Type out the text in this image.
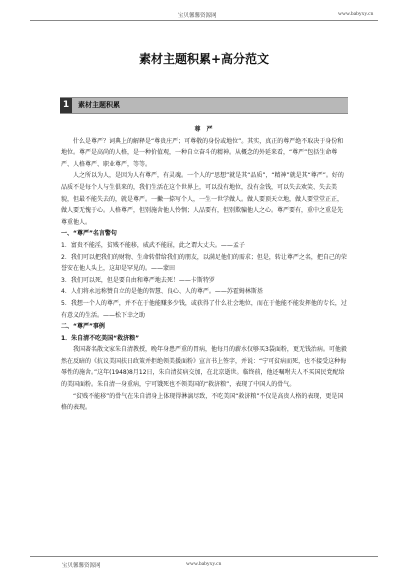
宝贝馨馨资源网	www.babyxy.cn
素材主题积累+高分范文
1	素材主题积累

尊 严

什么是尊严？词典上的解释是“尊贵庄严；可尊敬的身份或地位”。其实，真正的尊严绝不取决于身份和地位。尊严是高尚的人格，是一种价值观，一种自立奋斗的精神。从概念的外延来看，“尊严”包括生命尊严、人格尊严、职业尊严，等等。

人之所以为人，是因为人有尊严，有灵魂。一个人的“思想”就是其“品质”，“精神”就是其“尊严”。好的品质不是每个人与生俱来的，我们生活在这个世界上，可以没有地位，没有金钱，可以失去欢笑、失去美貌，但最不能失去的，就是尊严。一撇一捺写个人，一生一世学做人。做人要顶天立地，做人要堂堂正正，做人要无愧于心。人格尊严，但别施舍他人怜悯；人品要有，但别欺骗他人之心。尊严要有，重中之重是先尊重他人。

一、“尊严”名言警句

1．富贵不能淫，贫贱不能移，威武不能屈，此之谓大丈夫。——孟子

2．我们可以把我们的财物、生命转借给我们的朋友，以满足他们的需求；但是，转让尊严之名，把自己的荣誉安在他人头上，这却是罕见的。——蒙田

3．我们可以死，但是要自由和尊严地去死！——卡斯特罗

4．人们将永远称赞自立的是他的智慧、良心、人的尊严。——苏霍姆林斯基

5．我想一个人的尊严，并不在于他能赚多少钱，或获得了什么社会地位，而在于他能不能发挥他的专长，过有意义的生活。——松下幸之助

二、“尊严”事例

1．朱自清不吃美国“救济粮”

我国著名散文家朱自清教授，晚年身患严重的胃病，他每月的薪水仅够买3袋面粉，更无钱治病。可他毅然在反暗的《抗议美国扶日政策并拒绝领美援面粉》宣言书上签字，并说：“宁可贫病而死，也不接受这种侮辱性的施舍。”这年(1948)8月12日，朱自清贫病交加，在北京逝世。临终前，他还嘱咐夫人不买国民党配给的美国面粉。朱自清一身重病，宁可饿死也不领美国的“救济粮”，表现了中国人的骨气。

“贫贱不能移”的骨气在朱自清身上体现得淋漓尽致，不吃美国“救济粮”不仅是高贵人格的表现，更是国格的表现。

宝贝馨馨资源网	www.babyxy.cn
